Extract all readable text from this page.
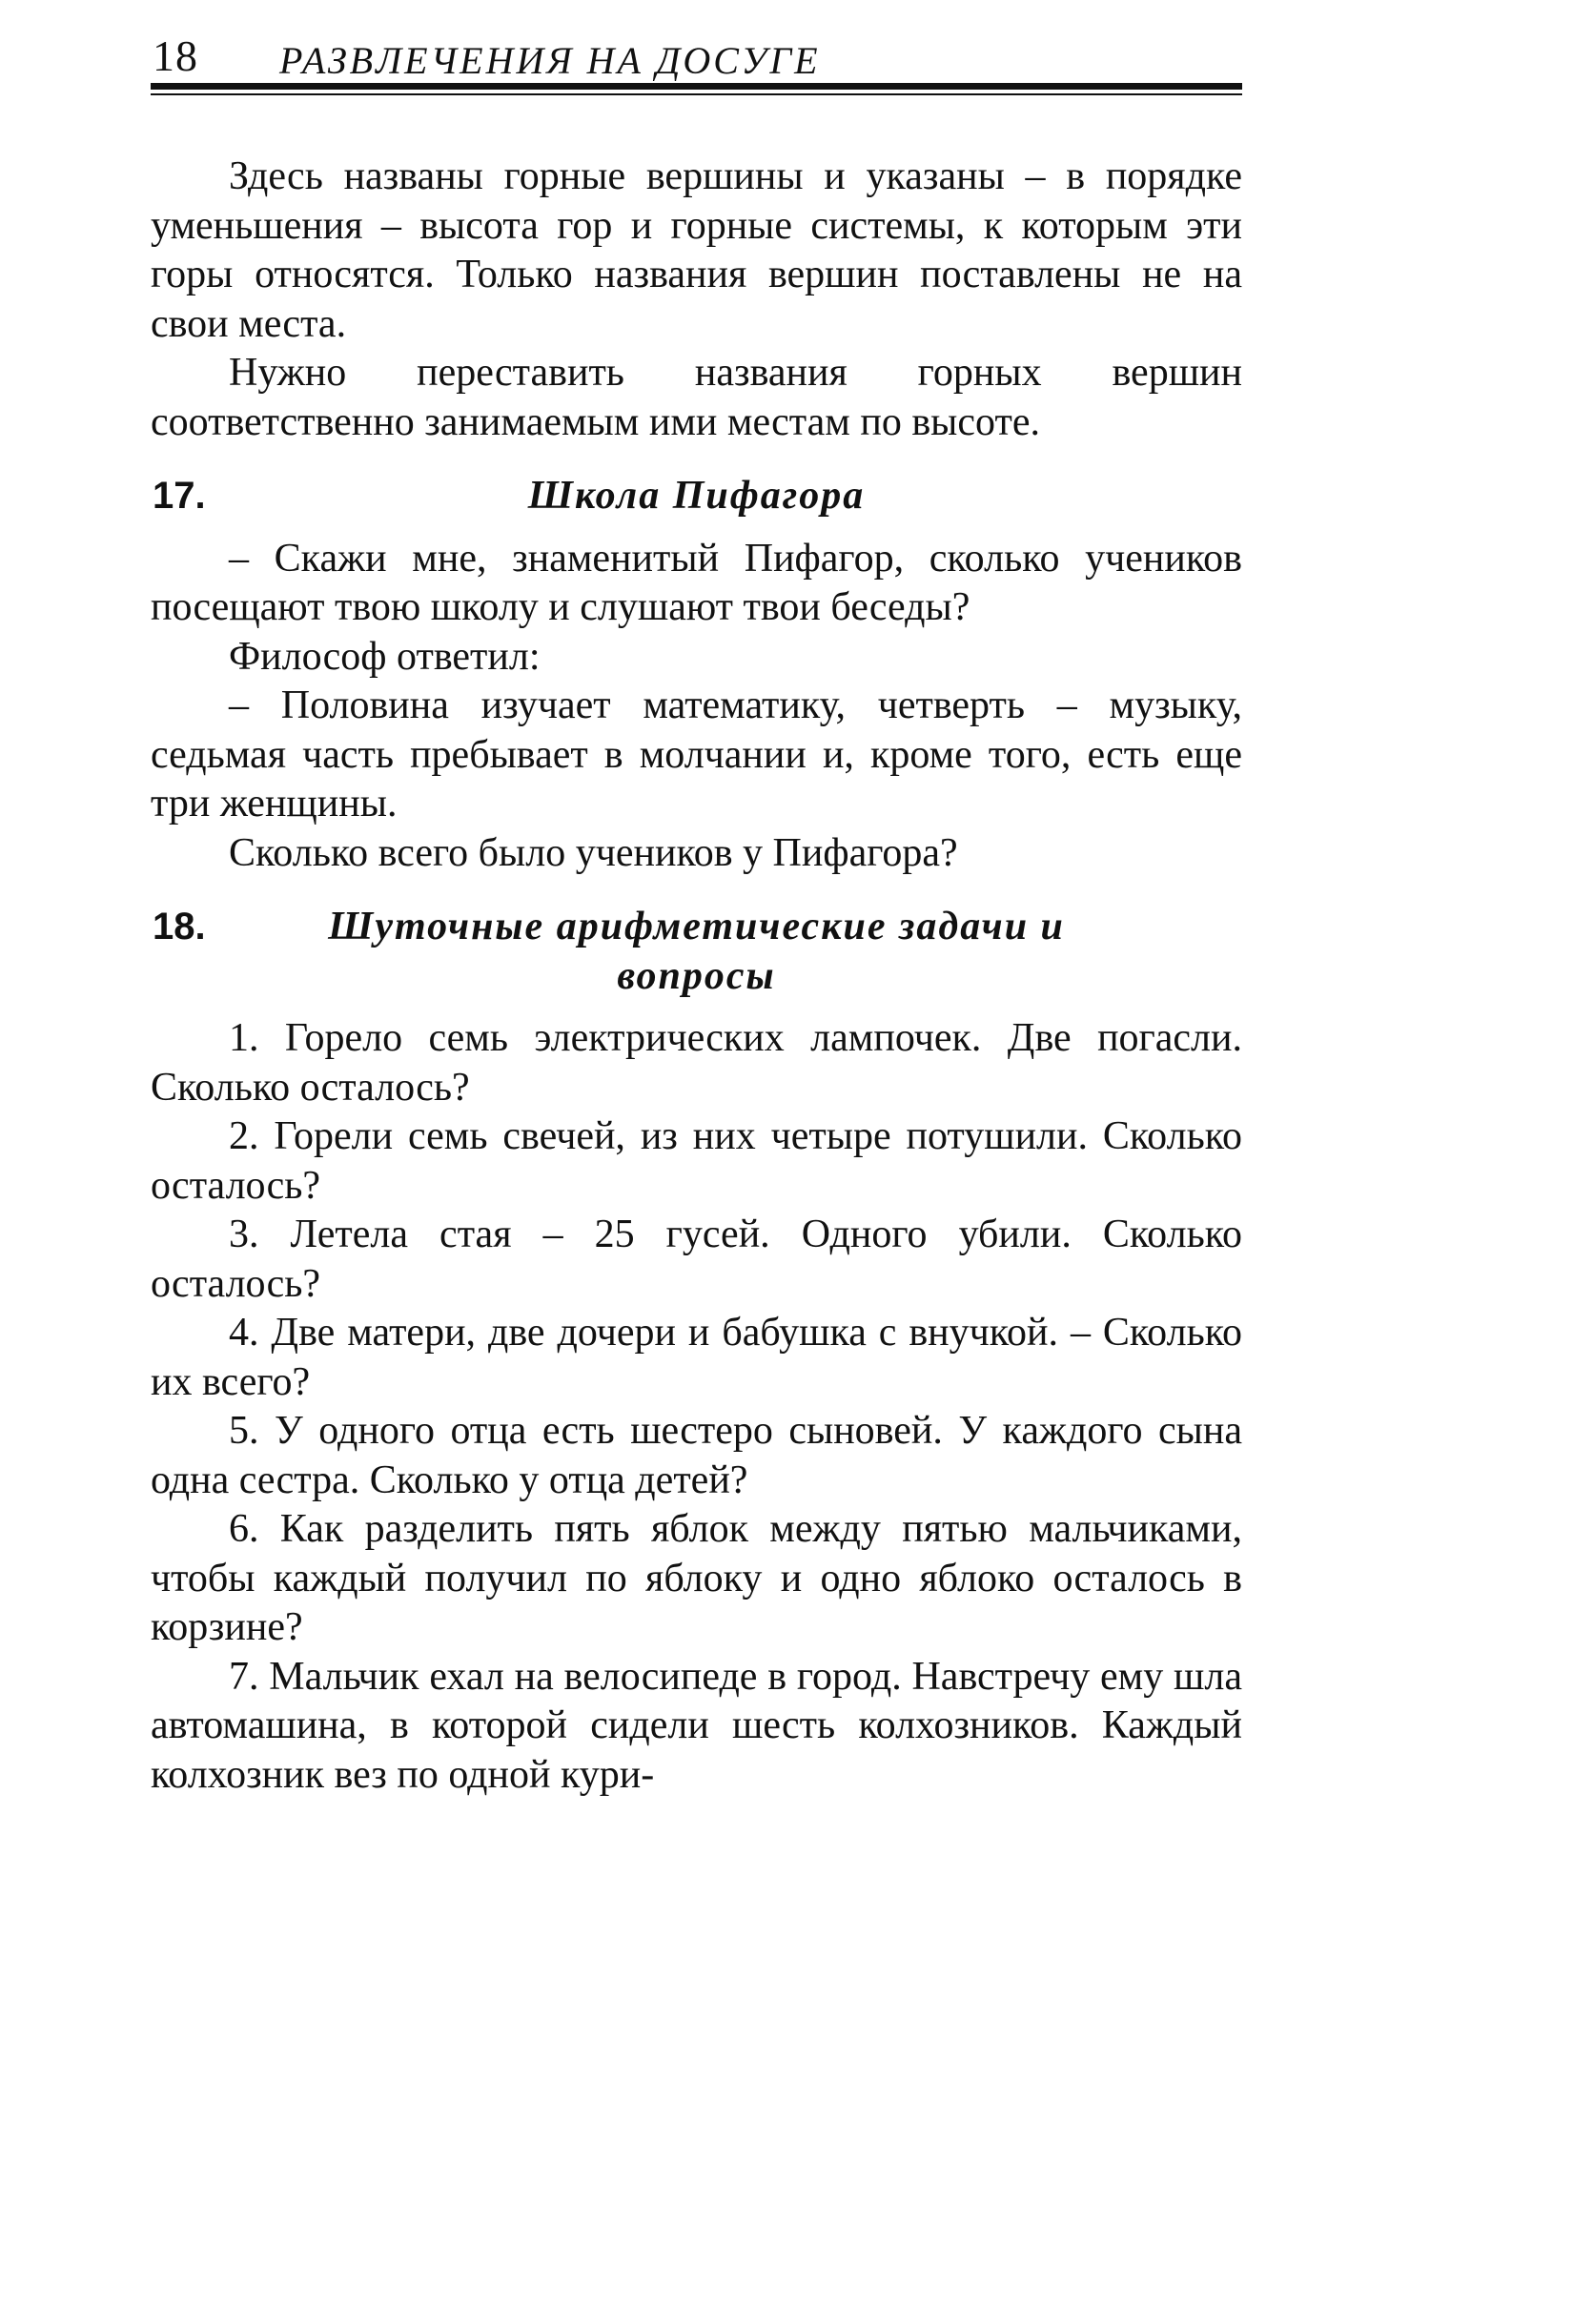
18 РАЗВЛЕЧЕНИЯ НА ДОСУГЕ

Здесь названы горные вершины и указаны – в порядке уменьшения – высота гор и горные системы, к которым эти горы относятся. Только названия вершин поставлены не на свои места.

Нужно переставить названия горных вершин соответственно занимаемым ими местам по высоте.

17.	Школа Пифагора

– Скажи мне, знаменитый Пифагор, сколько учеников посещают твою школу и слушают твои беседы?

Философ ответил:

– Половина изучает математику, четверть – музыку, седьмая часть пребывает в молчании и, кроме того, есть еще три женщины.

Сколько всего было учеников у Пифагора?

18.	Шуточные арифметические задачи и вопросы

1. Горело семь электрических лампочек. Две погасли. Сколько осталось?

2. Горели семь свечей, из них четыре потушили. Сколько осталось?

3. Летела стая – 25 гусей. Одного убили. Сколько осталось?

4. Две матери, две дочери и бабушка с внучкой. – Сколько их всего?

5. У одного отца есть шестеро сыновей. У каждого сына одна сестра. Сколько у отца детей?

6. Как разделить пять яблок между пятью мальчиками, чтобы каждый получил по яблоку и одно яблоко осталось в корзине?

7. Мальчик ехал на велосипеде в город. Навстречу ему шла автомашина, в которой сидели шесть колхозников. Каждый колхозник вез по одной кури-
